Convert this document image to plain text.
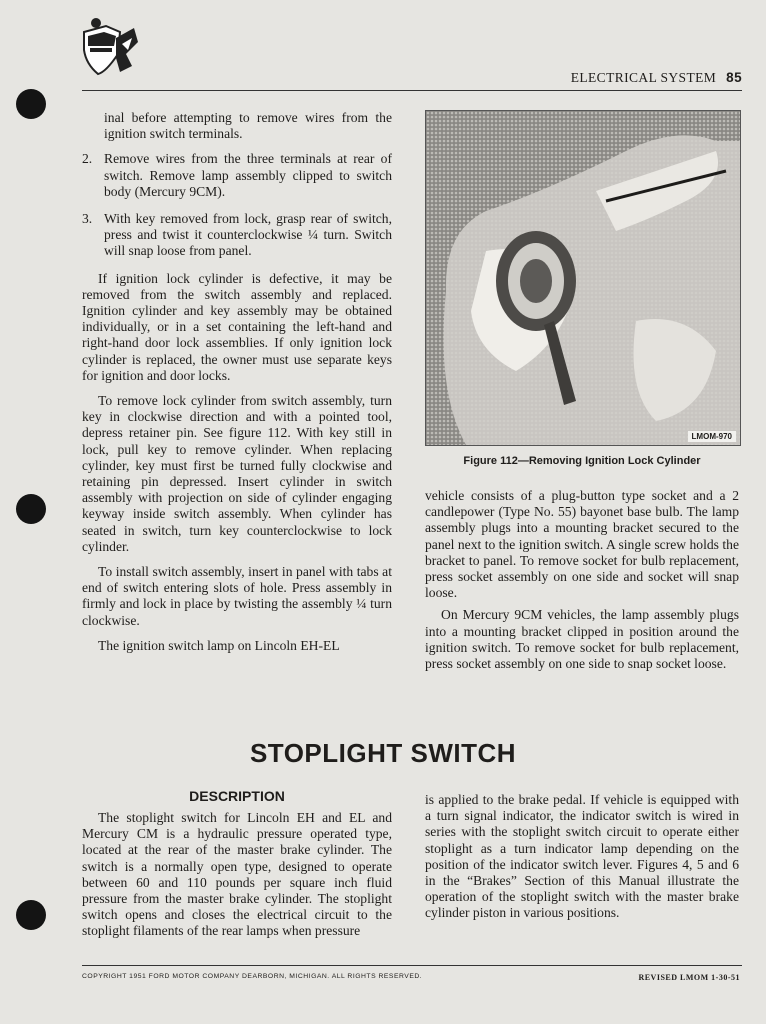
ELECTRICAL SYSTEM 85

inal before attempting to remove wires from the ignition switch terminals.

2. Remove wires from the three terminals at rear of switch. Remove lamp assembly clipped to switch body (Mercury 9CM).
3. With key removed from lock, grasp rear of switch, press and twist it counterclockwise ¼ turn. Switch will snap loose from panel.

If ignition lock cylinder is defective, it may be removed from the switch assembly and replaced. Ignition cylinder and key assembly may be obtained individually, or in a set containing the left-hand and right-hand door lock assemblies. If only ignition lock cylinder is replaced, the owner must use separate keys for ignition and door locks.

To remove lock cylinder from switch assembly, turn key in clockwise direction and with a pointed tool, depress retainer pin. See figure 112. With key still in lock, pull key to remove cylinder. When replacing cylinder, key must first be turned fully clockwise and retaining pin depressed. Insert cylinder in switch assembly with projection on side of cylinder engaging keyway inside switch assembly. When cylinder has seated in switch, turn key counterclockwise to lock cylinder.

To install switch assembly, insert in panel with tabs at end of switch entering slots of hole. Press assembly in firmly and lock in place by twisting the assembly ¼ turn clockwise.

The ignition switch lamp on Lincoln EH-EL

LMOM-970
Figure 112—Removing Ignition Lock Cylinder

vehicle consists of a plug-button type socket and a 2 candlepower (Type No. 55) bayonet base bulb. The lamp assembly plugs into a mounting bracket secured to the panel next to the ignition switch. A single screw holds the bracket to panel. To remove socket for bulb replacement, press socket assembly on one side and socket will snap loose.

On Mercury 9CM vehicles, the lamp assembly plugs into a mounting bracket clipped in position around the ignition switch. To remove socket for bulb replacement, press socket assembly on one side to snap socket loose.

STOPLIGHT SWITCH
DESCRIPTION

The stoplight switch for Lincoln EH and EL and Mercury CM is a hydraulic pressure operated type, located at the rear of the master brake cylinder. The switch is a normally open type, designed to operate between 60 and 110 pounds per square inch fluid pressure from the master brake cylinder. The stoplight switch opens and closes the electrical circuit to the stoplight filaments of the rear lamps when pressure

is applied to the brake pedal. If vehicle is equipped with a turn signal indicator, the indicator switch is wired in series with the stoplight switch circuit to operate either stoplight as a turn indicator lamp depending on the position of the indicator switch lever. Figures 4, 5 and 6 in the “Brakes” Section of this Manual illustrate the operation of the stoplight switch with the master brake cylinder piston in various positions.

COPYRIGHT 1951 FORD MOTOR COMPANY DEARBORN, MICHIGAN. ALL RIGHTS RESERVED.	REVISED LMOM 1-30-51
